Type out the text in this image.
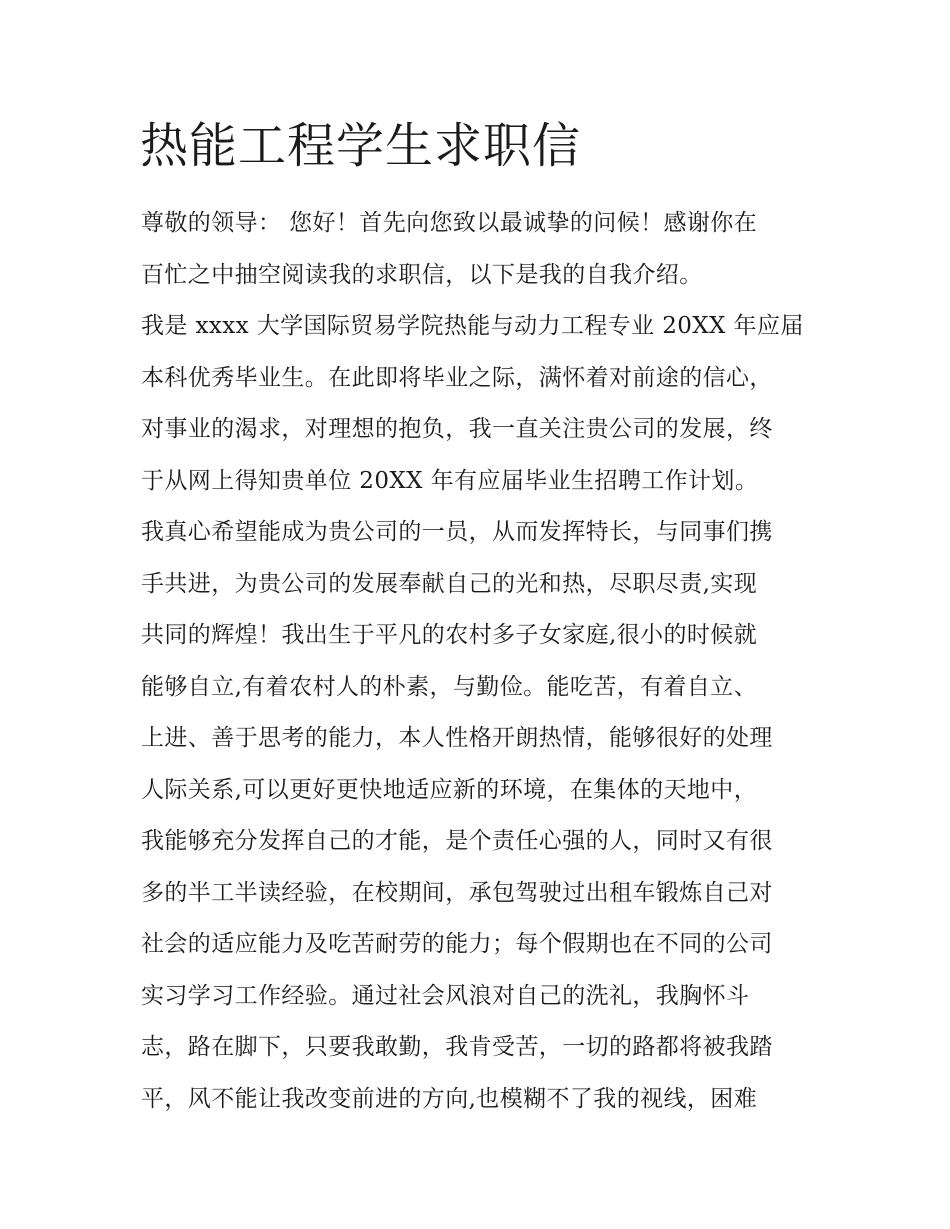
热能工程学生求职信
尊敬的领导： 您好！首先向您致以最诚挚的问候！感谢你在
百忙之中抽空阅读我的求职信，以下是我的自我介绍。
我是 xxxx 大学国际贸易学院热能与动力工程专业 20XX 年应届
本科优秀毕业生。在此即将毕业之际，满怀着对前途的信心，
对事业的渴求，对理想的抱负，我一直关注贵公司的发展，终
于从网上得知贵单位 20XX 年有应届毕业生招聘工作计划。
我真心希望能成为贵公司的一员，从而发挥特长，与同事们携
手共进，为贵公司的发展奉献自己的光和热，尽职尽责,实现
共同的辉煌！我出生于平凡的农村多子女家庭,很小的时候就
能够自立,有着农村人的朴素，与勤俭。能吃苦，有着自立、
上进、善于思考的能力，本人性格开朗热情，能够很好的处理
人际关系,可以更好更快地适应新的环境，在集体的天地中，
我能够充分发挥自己的才能，是个责任心强的人，同时又有很
多的半工半读经验，在校期间，承包驾驶过出租车锻炼自己对
社会的适应能力及吃苦耐劳的能力；每个假期也在不同的公司
实习学习工作经验。通过社会风浪对自己的洗礼，我胸怀斗
志，路在脚下，只要我敢勤，我肯受苦，一切的路都将被我踏
平，风不能让我改变前进的方向,也模糊不了我的视线，困难
